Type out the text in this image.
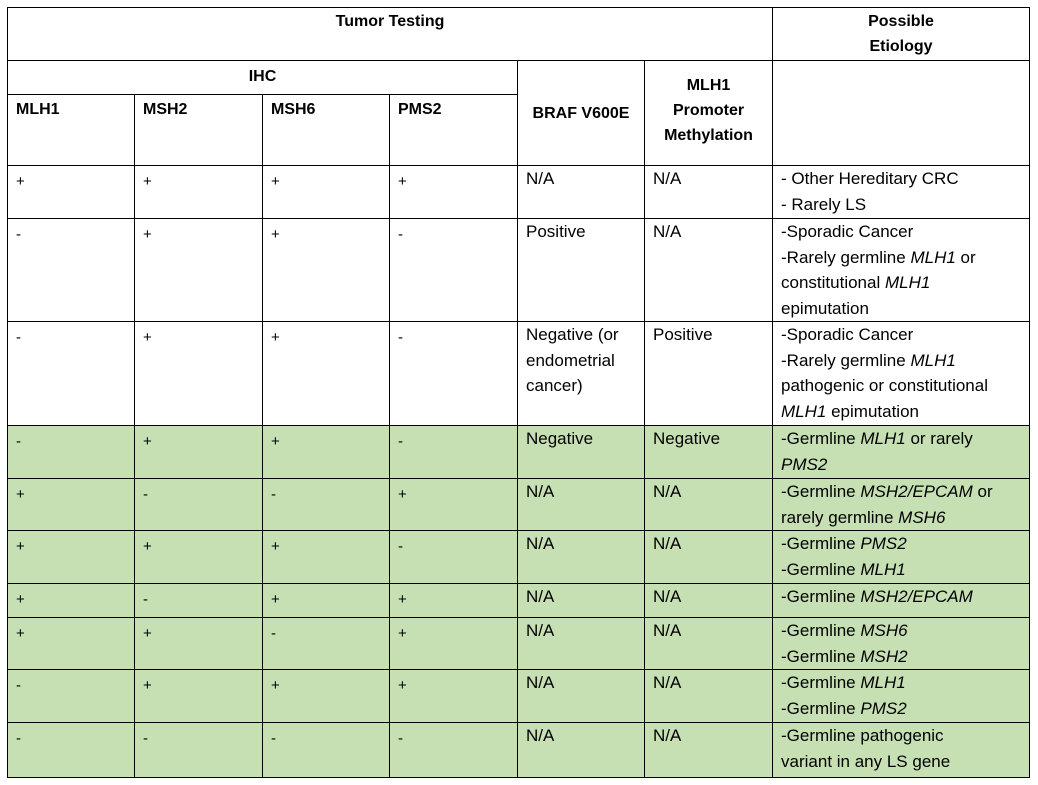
Tumor Testing						Possible
Etiology

IHC				BRAF V600E	MLH1
Promoter
Methylation	

MLH1	MSH2	MSH6	PMS2			
+	+	+	+	N/A	N/A	- Other Hereditary CRC
- Rarely LS

-	+	+	-	Positive	N/A	-Sporadic Cancer
-Rarely germline MLH1 or
constitutional MLH1
epimutation

-	+	+	-	Negative (or endometrial cancer)	Positive	-Sporadic Cancer
-Rarely germline MLH1
pathogenic or constitutional
MLH1 epimutation

-	+	+	-	Negative	Negative	-Germline MLH1 or rarely
PMS2

+	-	-	+	N/A	N/A	-Germline MSH2/EPCAM or
rarely germline MSH6

+	+	+	-	N/A	N/A	-Germline PMS2
-Germline MLH1

+	-	+	+	N/A	N/A	-Germline MSH2/EPCAM

+	+	-	+	N/A	N/A	-Germline MSH6
-Germline MSH2

-	+	+	+	N/A	N/A	-Germline MLH1
-Germline PMS2

-	-	-	-	N/A	N/A	-Germline pathogenic
variant in any LS gene
